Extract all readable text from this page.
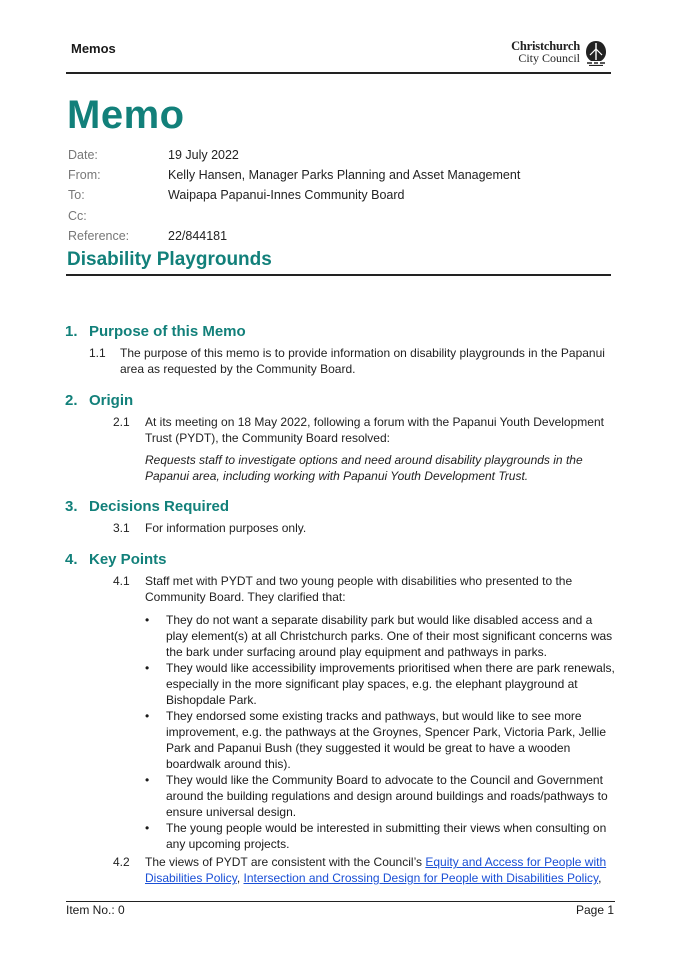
Memos	Christchurch
City Council
Memo
Date:	19 July 2022
From:	Kelly Hansen, Manager Parks Planning and Asset Management
To:	Waipapa Papanui-Innes Community Board
Cc:
Reference:	22/844181
Disability Playgrounds
1. Purpose of this Memo
1.1 The purpose of this memo is to provide information on disability playgrounds in the Papanui area as requested by the Community Board.
2. Origin
2.1 At its meeting on 18 May 2022, following a forum with the Papanui Youth Development Trust (PYDT), the Community Board resolved:
Requests staff to investigate options and need around disability playgrounds in the Papanui area, including working with Papanui Youth Development Trust.
3. Decisions Required
3.1 For information purposes only.
4. Key Points
4.1 Staff met with PYDT and two young people with disabilities who presented to the Community Board. They clarified that:
• They do not want a separate disability park but would like disabled access and a play element(s) at all Christchurch parks. One of their most significant concerns was the bark under surfacing around play equipment and pathways in parks.
• They would like accessibility improvements prioritised when there are park renewals, especially in the more significant play spaces, e.g. the elephant playground at Bishopdale Park.
• They endorsed some existing tracks and pathways, but would like to see more improvement, e.g. the pathways at the Groynes, Spencer Park, Victoria Park, Jellie Park and Papanui Bush (they suggested it would be great to have a wooden boardwalk around this).
• They would like the Community Board to advocate to the Council and Government around the building regulations and design around buildings and roads/pathways to ensure universal design.
• The young people would be interested in submitting their views when consulting on any upcoming projects.
4.2 The views of PYDT are consistent with the Council’s Equity and Access for People with Disabilities Policy, Intersection and Crossing Design for People with Disabilities Policy,
Item No.: 0	Page 1
